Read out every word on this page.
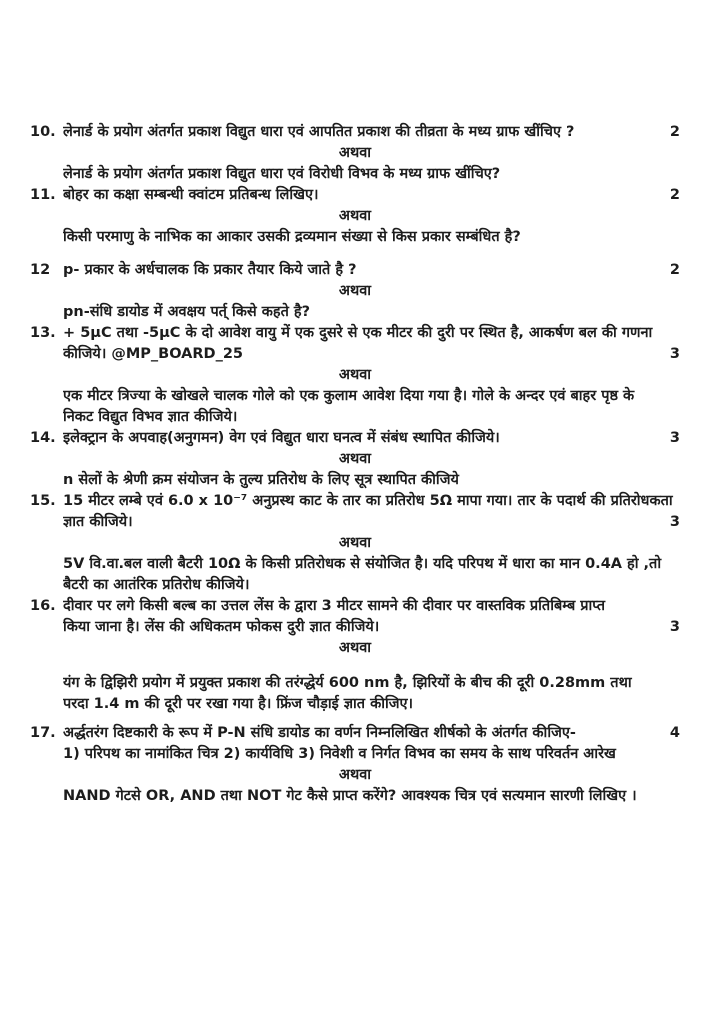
10. लेनार्ड के प्रयोग अंतर्गत प्रकाश विद्युत धारा एवं आपतित प्रकाश की तीव्रता के मध्य ग्राफ खींचिए ?	2
अथवा
लेनार्ड के प्रयोग अंतर्गत प्रकाश विद्युत धारा एवं विरोधी विभव के मध्य ग्राफ खींचिए?
11. बोहर का कक्षा सम्बन्धी क्वांटम प्रतिबन्ध लिखिए।	2
अथवा
किसी परमाणु के नाभिक का आकार उसकी द्रव्यमान संख्या से किस प्रकार सम्बंधित है?
12 p- प्रकार के अर्धचालक कि प्रकार तैयार किये जाते है ?	2
अथवा
pn-संधि डायोड में अवक्षय पर्त् किसे कहते है?
13. + 5µC तथा -5µC के दो आवेश वायु में एक दुसरे से एक मीटर की दुरी पर स्थित है, आकर्षण बल की गणना
कीजिये। @MP_BOARD_25	3
अथवा
एक मीटर त्रिज्या के खोखले चालक गोले को एक कुलाम आवेश दिया गया है। गोले के अन्दर एवं बाहर पृष्ठ के
निकट विद्युत विभव ज्ञात कीजिये।
14. इलेक्ट्रान के अपवाह(अनुगमन) वेग एवं विद्युत धारा घनत्व में संबंध स्थापित कीजिये।	3
अथवा
n सेलों के श्रेणी क्रम संयोजन के तुल्य प्रतिरोध के लिए सूत्र स्थापित कीजिये
15. 15 मीटर लम्बे एवं 6.0 x 10⁻⁷ अनुप्रस्थ काट के तार का प्रतिरोध 5Ω मापा गया। तार के पदार्थ की प्रतिरोधकता
ज्ञात कीजिये।	3
अथवा
5V वि.वा.बल वाली बैटरी 10Ω के किसी प्रतिरोधक से संयोजित है। यदि परिपथ में धारा का मान 0.4A हो ,तो
बैटरी का आतंरिक प्रतिरोध कीजिये।
16. दीवार पर लगे किसी बल्ब का उत्तल लेंस के द्वारा 3 मीटर सामने की दीवार पर वास्तविक प्रतिबिम्ब प्राप्त
किया जाना है। लेंस की अधिकतम फोकस दुरी ज्ञात कीजिये।	3
अथवा
यंग के द्विझिरी प्रयोग में प्रयुक्त प्रकाश की तरंग्द्धेर्य 600 nm है, झिरियों के बीच की दूरी 0.28mm तथा
परदा 1.4 m की दूरी पर रखा गया है। फ्रिंज चौड़ाई ज्ञात कीजिए।
17. अर्द्धतरंग दिष्टकारी के रूप में P-N संधि डायोड का वर्णन निम्नलिखित शीर्षको के अंतर्गत कीजिए-	4
1) परिपथ का नामांकित चित्र 2) कार्यविधि 3) निवेशी व निर्गत विभव का समय के साथ परिवर्तन आरेख
अथवा
NAND गेटसे OR, AND तथा NOT गेट कैसे प्राप्त करेंगे? आवश्यक चित्र एवं सत्यमान सारणी लिखिए ।
